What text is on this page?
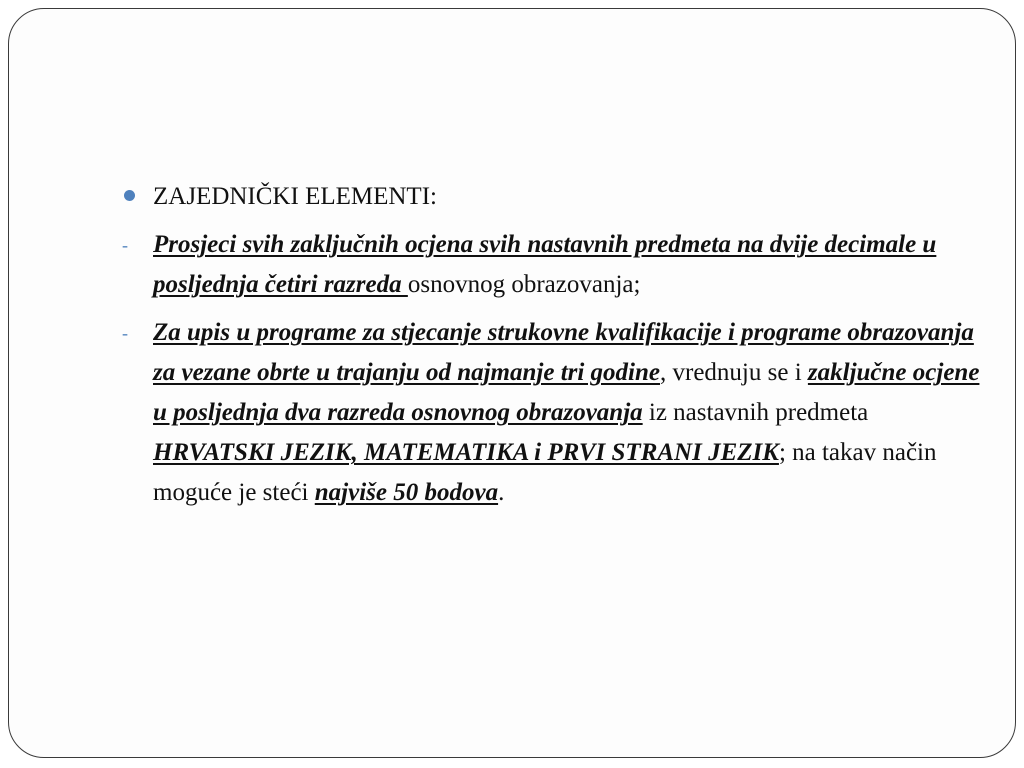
ZAJEDNIČKI ELEMENTI:
- Prosjeci svih zaključnih ocjena svih nastavnih predmeta na dvije decimale u posljednja četiri razreda osnovnog obrazovanja;
- Za upis u programe za stjecanje strukovne kvalifikacije i programe obrazovanja za vezane obrte u trajanju od najmanje tri godine, vrednuju se i zaključne ocjene u posljednja dva razreda osnovnog obrazovanja iz nastavnih predmeta HRVATSKI JEZIK, MATEMATIKA i PRVI STRANI JEZIK; na takav način moguće je steći najviše 50 bodova.
